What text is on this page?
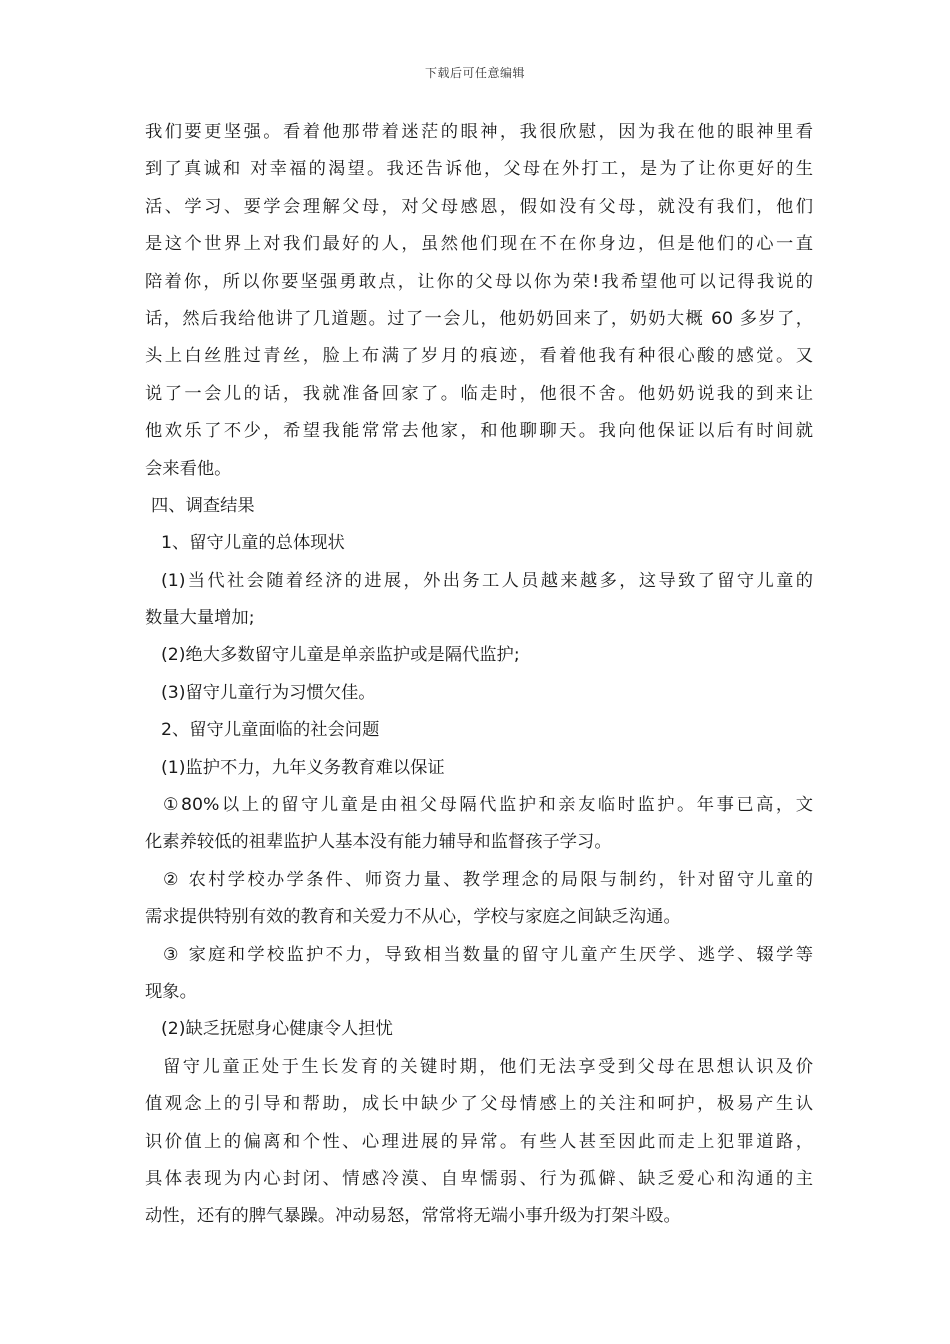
下载后可任意编辑
我们要更坚强。看着他那带着迷茫的眼神，我很欣慰，因为我在他的眼神里看
到了真诚和 对幸福的渴望。我还告诉他，父母在外打工，是为了让你更好的生
活、学习、要学会理解父母，对父母感恩，假如没有父母，就没有我们，他们
是这个世界上对我们最好的人，虽然他们现在不在你身边，但是他们的心一直
陪着你，所以你要坚强勇敢点，让你的父母以你为荣!我希望他可以记得我说的
话，然后我给他讲了几道题。过了一会儿，他奶奶回来了，奶奶大概 60 多岁了，
头上白丝胜过青丝，脸上布满了岁月的痕迹，看着他我有种很心酸的感觉。又
说了一会儿的话，我就准备回家了。临走时，他很不舍。他奶奶说我的到来让
他欢乐了不少，希望我能常常去他家，和他聊聊天。我向他保证以后有时间就
会来看他。
四、调查结果
1、留守儿童的总体现状
(1)当代社会随着经济的进展，外出务工人员越来越多，这导致了留守儿童的
数量大量增加;
(2)绝大多数留守儿童是单亲监护或是隔代监护;
(3)留守儿童行为习惯欠佳。
2、留守儿童面临的社会问题
(1)监护不力，九年义务教育难以保证
①80%以上的留守儿童是由祖父母隔代监护和亲友临时监护。年事已高，文
化素养较低的祖辈监护人基本没有能力辅导和监督孩子学习。
② 农村学校办学条件、师资力量、教学理念的局限与制约，针对留守儿童的
需求提供特别有效的教育和关爱力不从心，学校与家庭之间缺乏沟通。
③ 家庭和学校监护不力，导致相当数量的留守儿童产生厌学、逃学、辍学等
现象。
(2)缺乏抚慰身心健康令人担忧
留守儿童正处于生长发育的关键时期，他们无法享受到父母在思想认识及价
值观念上的引导和帮助，成长中缺少了父母情感上的关注和呵护，极易产生认
识价值上的偏离和个性、心理进展的异常。有些人甚至因此而走上犯罪道路，
具体表现为内心封闭、情感冷漠、自卑懦弱、行为孤僻、缺乏爱心和沟通的主
动性，还有的脾气暴躁。冲动易怒，常常将无端小事升级为打架斗殴。
